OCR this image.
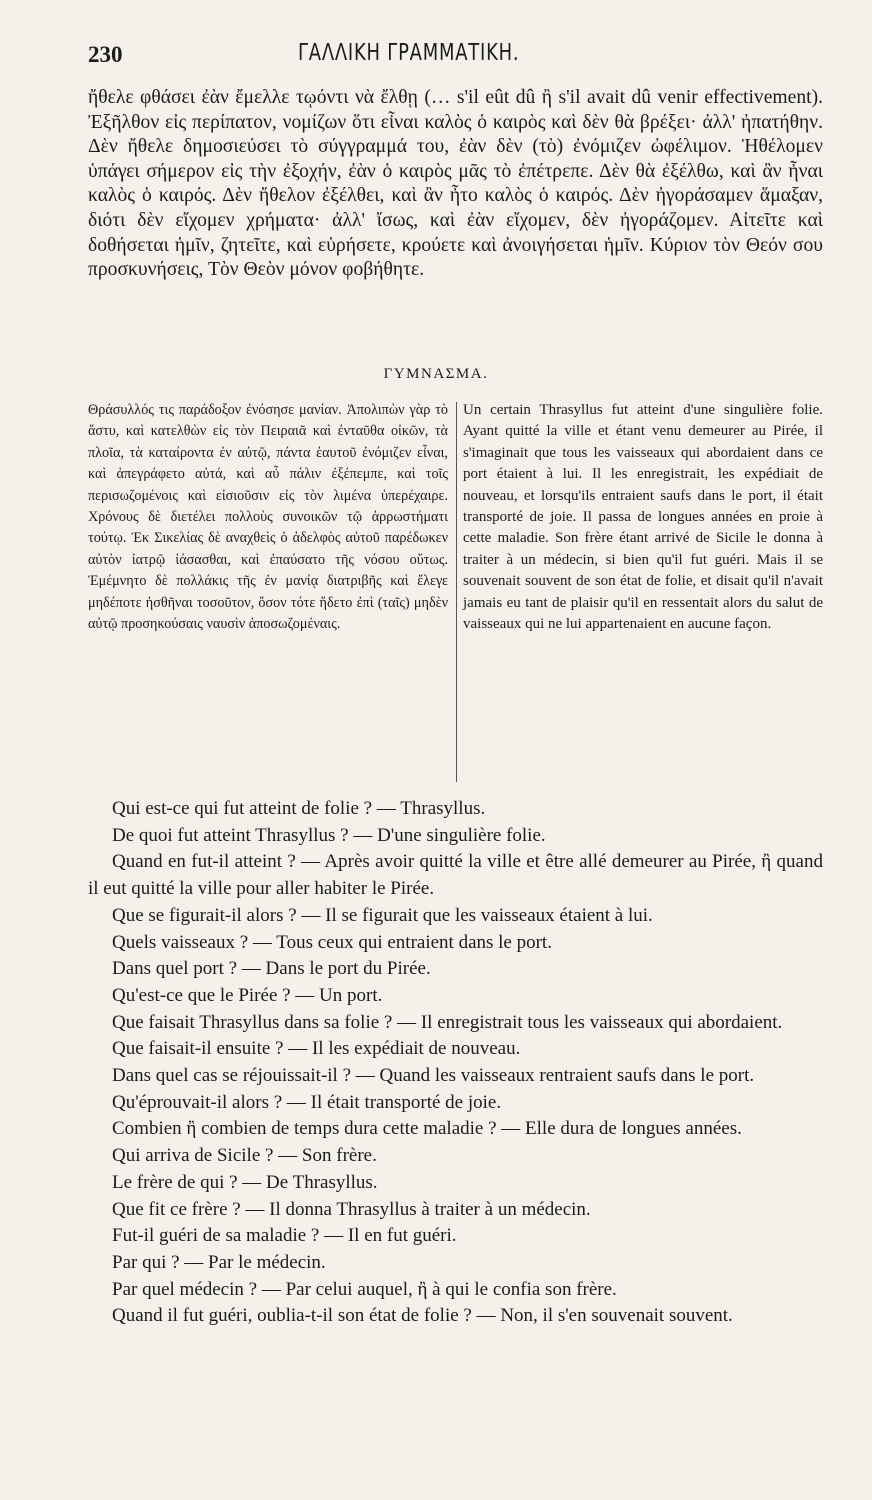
230	ΓΑΛΛΙΚΗ ΓΡΑΜΜΑΤΙΚΗ.

ἤθελε φθάσει ἐὰν ἔμελλε τῳόντι νὰ ἔλθῃ (… s'il eût dû ἢ s'il avait dû venir effectivement). Ἐξῆλθον εἰς περίπατον, νομίζων ὅτι εἶναι καλὸς ὁ καιρὸς καὶ δὲν θὰ βρέξει· ἀλλ' ἠπατήθην. Δὲν ἤθελε δημοσιεύσει τὸ σύγγραμμά του, ἐὰν δὲν (τὸ) ἐνόμιζεν ὠφέλιμον. Ἠθέλομεν ὑπάγει σήμερον εἰς τὴν ἐξοχήν, ἐὰν ὁ καιρὸς μᾶς τὸ ἐπέτρεπε. Δὲν θὰ ἐξέλθω, καὶ ἂν ἦναι καλὸς ὁ καιρός. Δὲν ἤθελον ἐξέλθει, καὶ ἂν ἦτο καλὸς ὁ καιρός. Δὲν ἠγοράσαμεν ἅμαξαν, διότι δὲν εἴχομεν χρήματα· ἀλλ' ἴσως, καὶ ἐὰν εἴχομεν, δὲν ἠγοράζομεν. Αἰτεῖτε καὶ δοθήσεται ἡμῖν, ζητεῖτε, καὶ εὑρήσετε, κρούετε καὶ ἀνοιγήσεται ἡμῖν. Κύριον τὸν Θεόν σου προσκυνήσεις, Τὸν Θεὸν μόνον φοβήθητε.

ΓΥΜΝΑΣΜΑ.

Θράσυλλός τις παράδοξον ἐνόσησε μανίαν. Ἀπολιπὼν γὰρ τὸ ἄστυ, καὶ κατελθὼν εἰς τὸν Πειραιᾶ καὶ ἐνταῦθα οἰκῶν, τὰ πλοῖα, τὰ καταίροντα ἐν αὐτῷ, πάντα ἑαυτοῦ ἐνόμιζεν εἶναι, καὶ ἀπεγράφετο αὐτά, καὶ αὖ πάλιν ἐξέπεμπε, καὶ τοῖς περισωζομένοις καὶ εἰσιοῦσιν εἰς τὸν λιμένα ὑπερέχαιρε. Χρόνους δὲ διετέλει πολλοὺς συνοικῶν τῷ ἀρρωστήματι τούτῳ. Ἐκ Σικελίας δὲ αναχθεὶς ὁ ἀδελφὸς αὐτοῦ παρέδωκεν αὐτὸν ἰατρῷ ἰάσασθαι, καὶ ἐπαύσατο τῆς νόσου οὕτως. Ἐμέμνητο δὲ πολλάκις τῆς ἐν μανίᾳ διατριβῆς καὶ ἔλεγε μηδέποτε ἡσθῆναι τοσοῦτον, ὅσον τότε ἥδετο ἐπὶ (ταῖς) μηδὲν αὐτῷ προσηκούσαις ναυσὶν ἀποσωζομέναις.

Un certain Thrasyllus fut atteint d'une singulière folie. Ayant quitté la ville et étant venu demeurer au Pirée, il s'imaginait que tous les vaisseaux qui abordaient dans ce port étaient à lui. Il les enregistrait, les expédiait de nouveau, et lorsqu'ils entraient saufs dans le port, il était transporté de joie. Il passa de longues années en proie à cette maladie. Son frère étant arrivé de Sicile le donna à traiter à un médecin, si bien qu'il fut guéri. Mais il se souvenait souvent de son état de folie, et disait qu'il n'avait jamais eu tant de plaisir qu'il en ressentait alors du salut de vaisseaux qui ne lui appartenaient en aucune façon.

Qui est-ce qui fut atteint de folie ? — Thrasyllus.
De quoi fut atteint Thrasyllus ? — D'une singulière folie.
Quand en fut-il atteint ? — Après avoir quitté la ville et être allé demeurer au Pirée, ἢ quand il eut quitté la ville pour aller habiter le Pirée.
Que se figurait-il alors ? — Il se figurait que les vaisseaux étaient à lui.
Quels vaisseaux ? — Tous ceux qui entraient dans le port.
Dans quel port ? — Dans le port du Pirée.
Qu'est-ce que le Pirée ? — Un port.
Que faisait Thrasyllus dans sa folie ? — Il enregistrait tous les vaisseaux qui abordaient.
Que faisait-il ensuite ? — Il les expédiait de nouveau.
Dans quel cas se réjouissait-il ? — Quand les vaisseaux rentraient saufs dans le port.
Qu'éprouvait-il alors ? — Il était transporté de joie.
Combien ἢ combien de temps dura cette maladie ? — Elle dura de longues années.
Qui arriva de Sicile ? — Son frère.
Le frère de qui ? — De Thrasyllus.
Que fit ce frère ? — Il donna Thrasyllus à traiter à un médecin.
Fut-il guéri de sa maladie ? — Il en fut guéri.
Par qui ? — Par le médecin.
Par quel médecin ? — Par celui auquel, ἢ à qui le confia son frère.
Quand il fut guéri, oublia-t-il son état de folie ? — Non, il s'en souvenait souvent.
